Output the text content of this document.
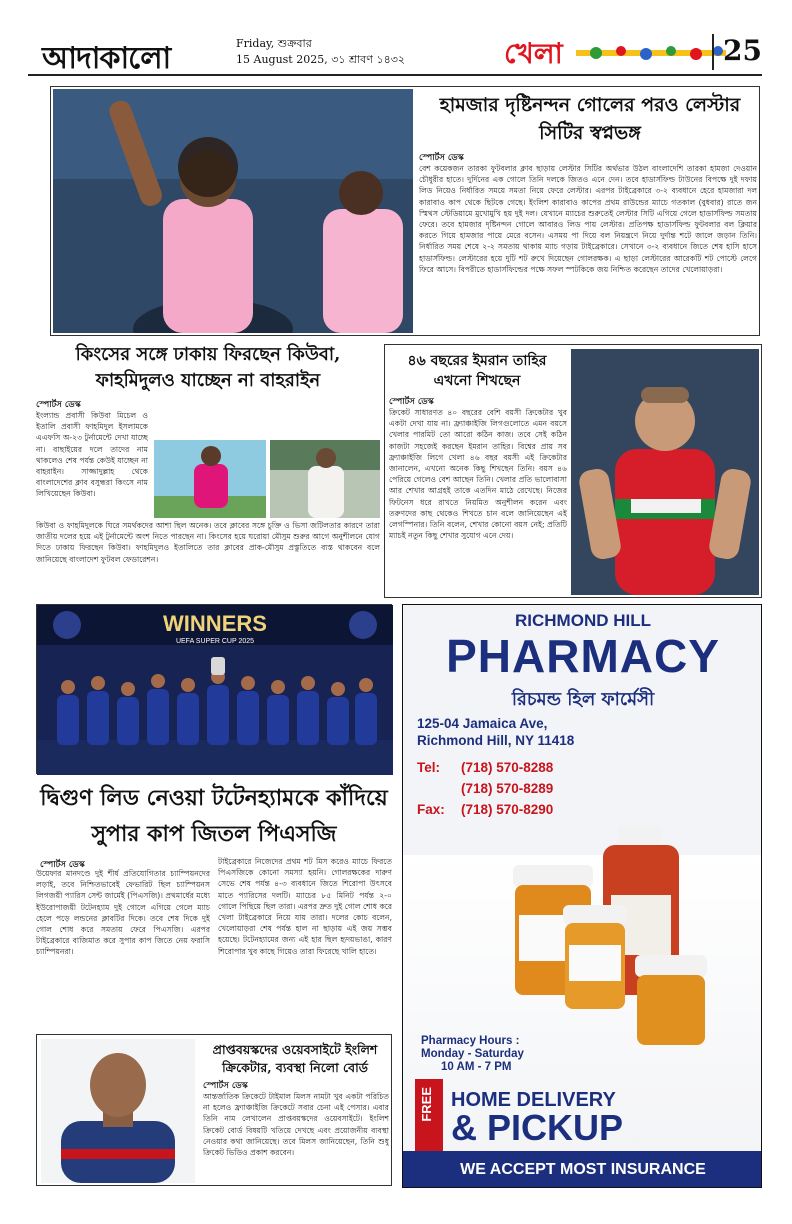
আদাকালো	Friday, শুক্রবার
15 August 2025, ৩১ শ্রাবণ ১৪৩২	খেলা	25
হামজার দৃষ্টিনন্দন গোলের পরও লেস্টার সিটির স্বপ্নভঙ্গ
স্পোর্টস ডেস্ক
বেশ কয়েকজন তারকা ফুটবলার ক্লাব ছাড়ায় লেস্টার সিটির অর্থভার উঠল বাংলাদেশি তারকা হামজা দেওয়ান চৌধুরীর হাতে। দুর্দিনের এক গোলে তিনি দলকে জিতও এনে দেন। তবে হাডার্সফিল্ড টাউনের বিপক্ষে দুই দফায় লিড নিয়েও নির্ধারিত সময়ে সমতা নিয়ে ফেরে লেস্টার। এরপর টাইব্রেকারে ৩-২ ব্যবধানে হেরে হামজারা দল কারাবাও কাপ থেকে ছিটকে গেছে। ইংলিশ কারাবাও কাপের প্রথম রাউন্ডের ম্যাচে গতকাল (বুধবার) রাতে জন স্মিথস স্টেডিয়ামে মুখোমুখি হয় দুই দল। যেখানে ম্যাচের শুরুতেই লেস্টার সিটি এগিয়ে গেলে হাডার্সফিল্ড সমতায় ফেরে। তবে হামজার দৃষ্টিনন্দন গোলে আবারও লিড পায় লেস্টার। প্রতিপক্ষ হাডার্সফিল্ড ফুটবলার বল ক্লিয়ার করতে গিয়ে হামজার পায়ে মেরে বসেন। এসময় পা দিয়ে বল নিয়ন্ত্রণে নিয়ে দুর্দান্ত শটে জালে জড়ান তিনি। নির্ধারিত সময় শেষে ২-২ সমতায় থাকায় ম্যাচ গড়ায় টাইব্রেকারে। সেখানে ৩-২ ব্যবধানে জিতে শেষ হাসি হাসে হাডার্সফিল্ড। লেস্টারের হয়ে দুটি শট রুখে দিয়েছেন গোলরক্ষক। এ ছাড়া লেস্টারের আরেকটি শট পোস্টে লেগে ফিরে আসে। বিপরীতে হাডার্সফিল্ডের পক্ষে সফল স্পটকিকে জয় নিশ্চিত করেছেন তাদের খেলোয়াড়রা।
কিংসের সঙ্গে ঢাকায় ফিরছেন কিউবা, ফাহমিদুলও যাচ্ছেন না বাহরাইন
স্পোর্টস ডেস্ক
ইংল্যান্ড প্রবাসী কিউবা মিচেল ও ইতালি প্রবাসী ফাহমিদুল ইসলামকে এএফসি অ-২৩ টুর্নামেন্টে দেখা যাচ্ছে না। বাছাইয়ের দলে তাদের নাম থাকলেও শেষ পর্যন্ত কেউই যাচ্ছেন না বাহরাইন। সাজ্জাদুল্লাহ থেকে বাংলাদেশের ক্লাব বসুন্ধরা কিংসে নাম লিখিয়েছেন কিউবা।
কিউবা ও ফাহমিদুলকে ঘিরে সমর্থকদের আশা ছিল অনেক। তবে ক্লাবের সঙ্গে চুক্তি ও ভিসা জটিলতার কারণে তারা জাতীয় দলের হয়ে এই টুর্নামেন্টে অংশ নিতে পারছেন না। কিংসের হয়ে ঘরোয়া মৌসুম শুরুর আগে অনুশীলনে যোগ দিতে ঢাকায় ফিরছেন কিউবা। ফাহমিদুলও ইতালিতে তার ক্লাবের প্রাক-মৌসুম প্রস্তুতিতে ব্যস্ত থাকবেন বলে জানিয়েছে বাংলাদেশ ফুটবল ফেডারেশন।
৪৬ বছরের ইমরান তাহির এখনো শিখছেন
স্পোর্টস ডেস্ক
ক্রিকেট সাধারণত ৪০ বছরের বেশি বয়সী ক্রিকেটার খুব একটা দেখা যায় না। ফ্র্যাঞ্চাইজি লিগগুলোতে এমন বয়সে খেলার পারমিট তো আরো কঠিন কাজ। তবে সেই কঠিন কাজটা সহজেই করছেন ইমরান তাহির। বিশ্বের প্রায় সব ফ্র্যাঞ্চাইজি লিগে খেলা ৪৬ বছর বয়সী এই ক্রিকেটার জানালেন, এখনো অনেক কিছু শিখছেন তিনি। বয়স ৪৬ পেরিয়ে গেলেও বেশ আছেন তিনি। খেলার প্রতি ভালোবাসা আর শেখার আগ্রহই তাকে এতদিন মাঠে রেখেছে। নিজের ফিটনেস ধরে রাখতে নিয়মিত অনুশীলন করেন এবং তরুণদের কাছ থেকেও শিখতে চান বলে জানিয়েছেন এই লেগস্পিনার। তিনি বলেন, শেখার কোনো বয়স নেই; প্রতিটি ম্যাচই নতুন কিছু শেখার সুযোগ এনে দেয়।
WINNERS
UEFA SUPER CUP 2025
দ্বিগুণ লিড নেওয়া টটেনহ্যামকে কাঁদিয়ে সুপার কাপ জিতল পিএসজি
স্পোর্টস ডেস্ক
উয়েফার মানদণ্ডে দুই শীর্ষ প্রতিযোগিতার চ্যাম্পিয়নদের লড়াই, তবে নিশ্চিতভাবেই ফেভারিট ছিল চ্যাম্পিয়নস লিগজয়ী প্যারিস সেন্ট জার্মেই (পিএসজি)। প্রথমার্ধের মধ্যে ইউরোপাজয়ী টটেনহ্যাম দুই গোলে এগিয়ে গেলে ম্যাচ হেলে পড়ে লন্ডনের ক্লাবটির দিকে। তবে শেষ দিকে দুই গোল শোধ করে সমতায় ফেরে পিএসজি। এরপর টাইব্রেকারে বাজিমাত করে সুপার কাপ জিতে নেয় ফরাসি চ্যাম্পিয়নরা।
টাইব্রেকারে নিজেদের প্রথম শট মিস করেও ম্যাচে ফিরতে পিএসজিকে কোনো সমস্যা হয়নি। গোলরক্ষকের দারুণ সেভে শেষ পর্যন্ত ৪-৩ ব্যবধানে জিতে শিরোপা উৎসবে মাতে প্যারিসের দলটি। ম্যাচের ৮৫ মিনিট পর্যন্ত ২-০ গোলে পিছিয়ে ছিল তারা। এরপর দ্রুত দুই গোল শোধ করে খেলা টাইব্রেকারে নিয়ে যায় তারা। দলের কোচ বলেন, খেলোয়াড়রা শেষ পর্যন্ত হাল না ছাড়ায় এই জয় সম্ভব হয়েছে। টটেনহ্যামের জন্য এই হার ছিল হৃদয়ভাঙা, কারণ শিরোপার খুব কাছে গিয়েও তারা ফিরেছে খালি হাতে।
প্রাপ্তবয়স্কদের ওয়েবসাইটে ইংলিশ ক্রিকেটার, ব্যবস্থা নিলো বোর্ড
স্পোর্টস ডেস্ক
আন্তর্জাতিক ক্রিকেটে টাইমাল মিলস নামটা খুব একটা পরিচিত না হলেও ফ্র্যাঞ্চাইজি ক্রিকেটে সবার চেনা এই পেসার। এবার তিনি নাম লেখালেন প্রাপ্তবয়স্কদের ওয়েবসাইটে। ইংলিশ ক্রিকেট বোর্ড বিষয়টি খতিয়ে দেখছে এবং প্রয়োজনীয় ব্যবস্থা নেওয়ার কথা জানিয়েছে। তবে মিলস জানিয়েছেন, তিনি শুধু ক্রিকেট ভিডিও প্রকাশ করবেন।
RICHMOND HILL
PHARMACY
রিচমন্ড হিল ফার্মেসী
125-04 Jamaica Ave,
Richmond Hill, NY 11418
Tel: (718) 570-8288
(718) 570-8289
Fax: (718) 570-8290
Pharmacy Hours :
Monday - Saturday
10 AM - 7 PM
FREE HOME DELIVERY
& PICKUP
WE ACCEPT MOST INSURANCE
